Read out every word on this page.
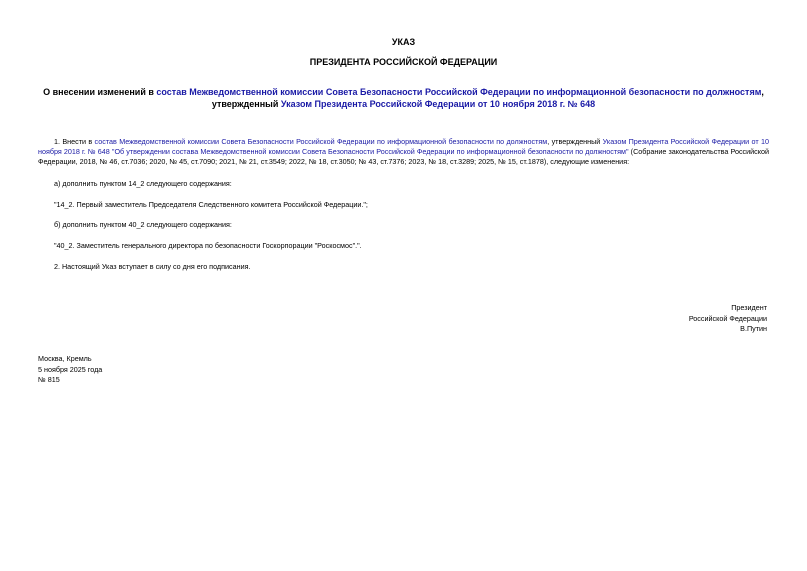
УКАЗ
ПРЕЗИДЕНТА РОССИЙСКОЙ ФЕДЕРАЦИИ
О внесении изменений в состав Межведомственной комиссии Совета Безопасности Российской Федерации по информационной безопасности по должностям,
утвержденный Указом Президента Российской Федерации от 10 ноября 2018 г. № 648
1. Внести в состав Межведомственной комиссии Совета Безопасности Российской Федерации по информационной безопасности по должностям, утвержденный Указом Президента Российской Федерации от 10 ноября 2018 г. № 648 "Об утверждении состава Межведомственной комиссии Совета Безопасности Российской Федерации по информационной безопасности по должностям" (Собрание законодательства Российской Федерации, 2018, № 46, ст.7036; 2020, № 45, ст.7090; 2021, № 21, ст.3549; 2022, № 18, ст.3050; № 43, ст.7376; 2023, № 18, ст.3289; 2025, № 15, ст.1878), следующие изменения:
а) дополнить пунктом 14_2 следующего содержания:
"14_2. Первый заместитель Председателя Следственного комитета Российской Федерации.";
б) дополнить пунктом 40_2 следующего содержания:
"40_2. Заместитель генерального директора по безопасности Госкорпорации "Роскосмос".".
2. Настоящий Указ вступает в силу со дня его подписания.
Президент
Российской Федерации
В.Путин
Москва, Кремль
5 ноября 2025 года
№ 815
